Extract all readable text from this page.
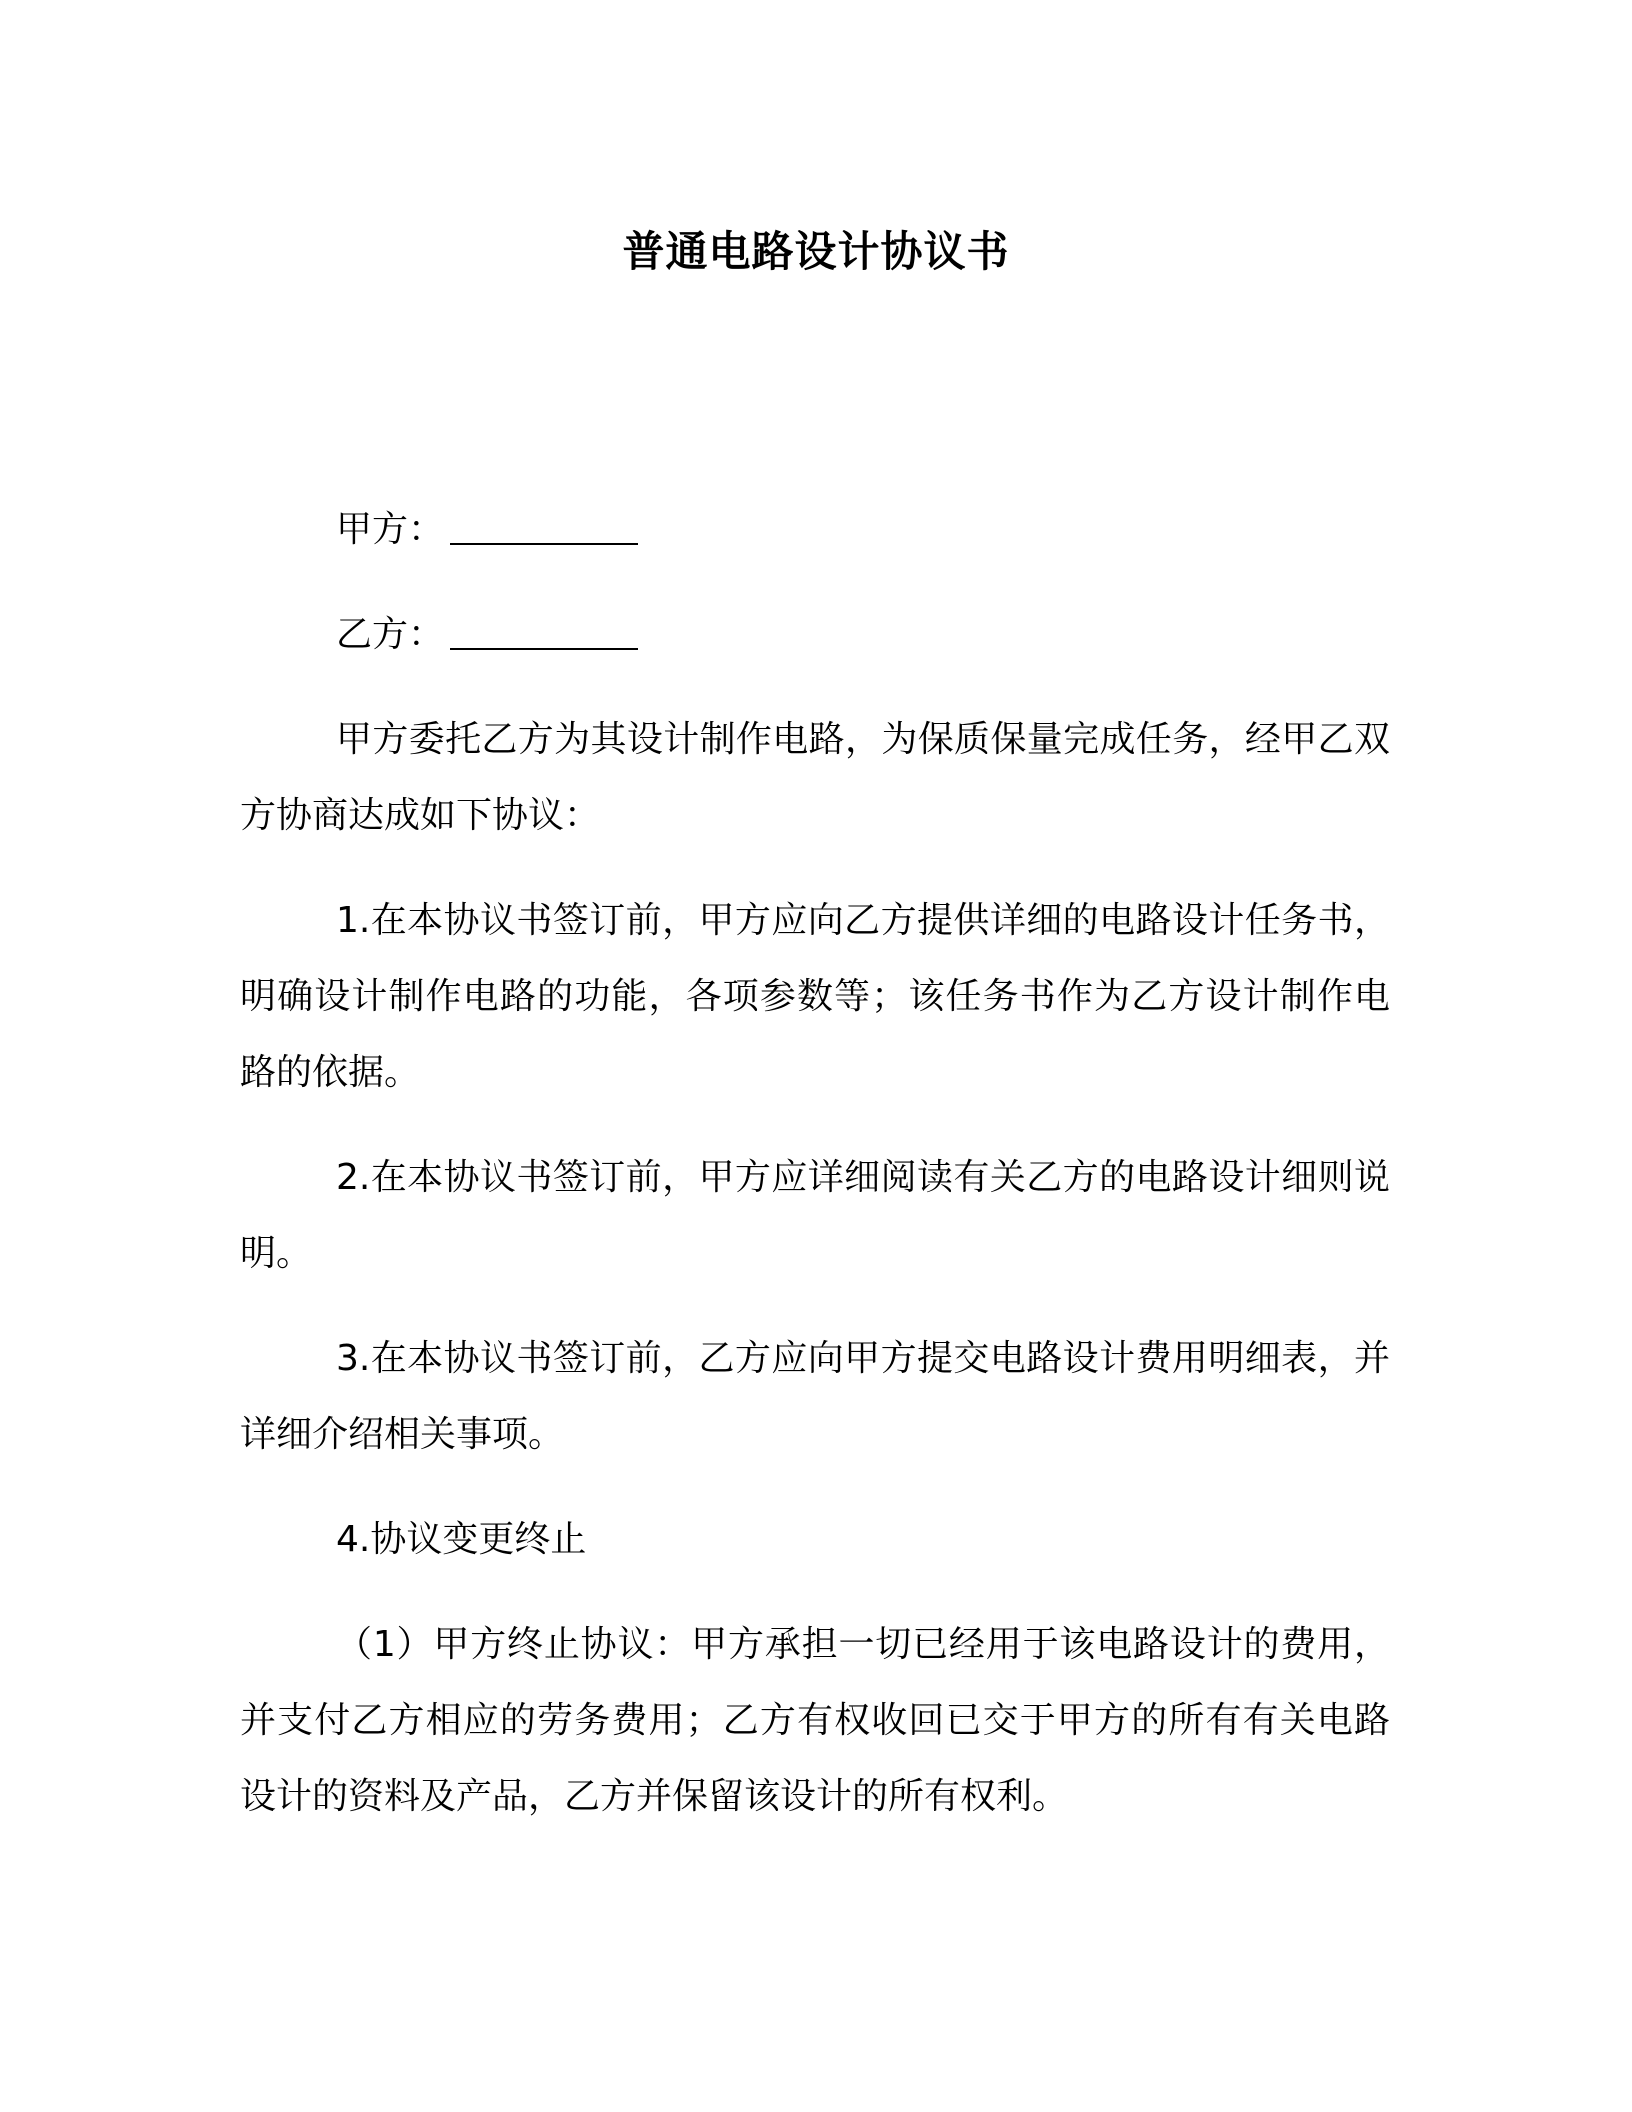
普通电路设计协议书

甲方：

乙方：

甲方委托乙方为其设计制作电路，为保质保量完成任务，经甲乙双方协商达成如下协议：

1.在本协议书签订前，甲方应向乙方提供详细的电路设计任务书，明确设计制作电路的功能，各项参数等；该任务书作为乙方设计制作电路的依据。

2.在本协议书签订前，甲方应详细阅读有关乙方的电路设计细则说明。

3.在本协议书签订前，乙方应向甲方提交电路设计费用明细表，并详细介绍相关事项。

4.协议变更终止

（1）甲方终止协议：甲方承担一切已经用于该电路设计的费用，并支付乙方相应的劳务费用；乙方有权收回已交于甲方的所有有关电路设计的资料及产品，乙方并保留该设计的所有权利。
